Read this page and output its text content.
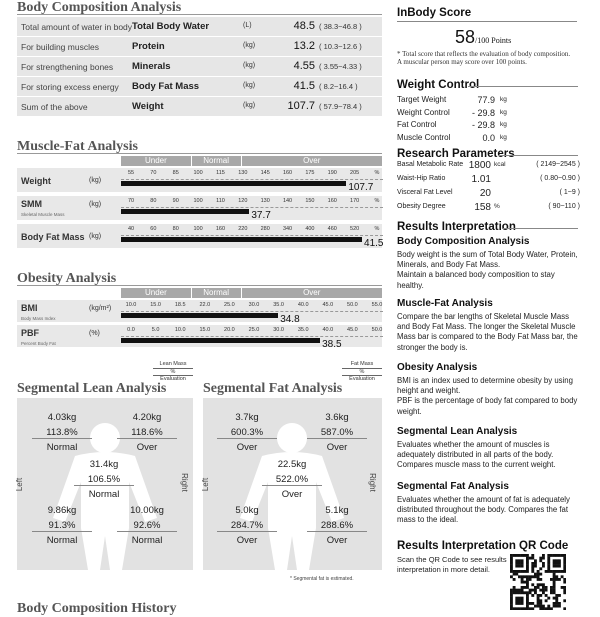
Body Composition Analysis
Total amount of water in body Total Body Water	(L)	48.5 ( 38.3~46.8 )
For building muscles	Protein	(kg)	13.2 ( 10.3~12.6 )
For strengthening bones Minerals	(kg)	4.55 ( 3.55~4.33 )
For storing excess energy Body Fat Mass	(kg)	41.5 ( 8.2~16.4 )
Sum of the above	Weight	(kg)	107.7 ( 57.9~78.4 )
Muscle-Fat Analysis
Under	Normal	Over
Weight	(kg)
55	70	85	100 115 130 145 160 175 190 205	%
107.7
SMM
Skeletal Muscle Mass
(kg)	70	80	90	100 110 120 130 140 150 160 170	%
37.7
Body Fat Mass (kg)
40	60	80	100 160 220 280 340 400 460 520	%
41.5
Obesity Analysis
Under	Normal	Over
BMI
Body Mass Index
(kg/m²)	10.0	15.0	18.5	22.0	25.0	30.0	35.0	40.0	45.0	50.0	55.0
34.8
PBF
Percent Body Fat
(%)	0.0	5.0	10.0	15.0	20.0	25.0	30.0	35.0	40.0	45.0	50.0
38.5
Segmental Lean Analysis
Lean Mass
%
Evaluation
4.03kg
113.8%
Normal
4.20kg
118.6%
Over
31.4kg
106.5%
Normal
9.86kg
91.3%
Normal
10.00kg
92.6%
Normal
Left	Right
Segmental Fat Analysis
Fat Mass
%
Evaluation
3.7kg
600.3%
Over
3.6kg
587.0%
Over
22.5kg
522.0%
Over
5.0kg
284.7%
Over
5.1kg
288.6%
Over
Left	Right
* Segmental fat is estimated.
Body Composition History
InBody Score
58/100 Points
* Total score that reflects the evaluation of body composition. A muscular person may score over 100 points.
Weight Control
Target Weight	77.9 kg
Weight Control	- 29.8 kg
Fat Control	- 29.8 kg
Muscle Control	0.0 kg
Research Parameters
Basal Metabolic Rate 1800 kcal	( 2149~2545 )
Waist-Hip Ratio	1.01	( 0.80~0.90 )
Visceral Fat Level	20	( 1~9 )
Obesity Degree	158 %	( 90~110 )
Results Interpretation
Body Composition Analysis
Body weight is the sum of Total Body Water, Protein, Minerals, and Body Fat Mass.
Maintain a balanced body composition to stay healthy.
Muscle-Fat Analysis
Compare the bar lengths of Skeletal Muscle Mass and Body Fat Mass. The longer the Skeletal Muscle Mass bar is compared to the Body Fat Mass bar, the stronger the body is.
Obesity Analysis
BMI is an index used to determine obesity by using height and weight.
PBF is the percentage of body fat compared to body weight.
Segmental Lean Analysis
Evaluates whether the amount of muscles is adequately distributed in all parts of the body. Compares muscle mass to the current weight.
Segmental Fat Analysis
Evaluates whether the amount of fat is adequately distributed throughout the body. Compares the fat mass to the ideal.
Results Interpretation QR Code
Scan the QR Code to see results interpretation in more detail.
